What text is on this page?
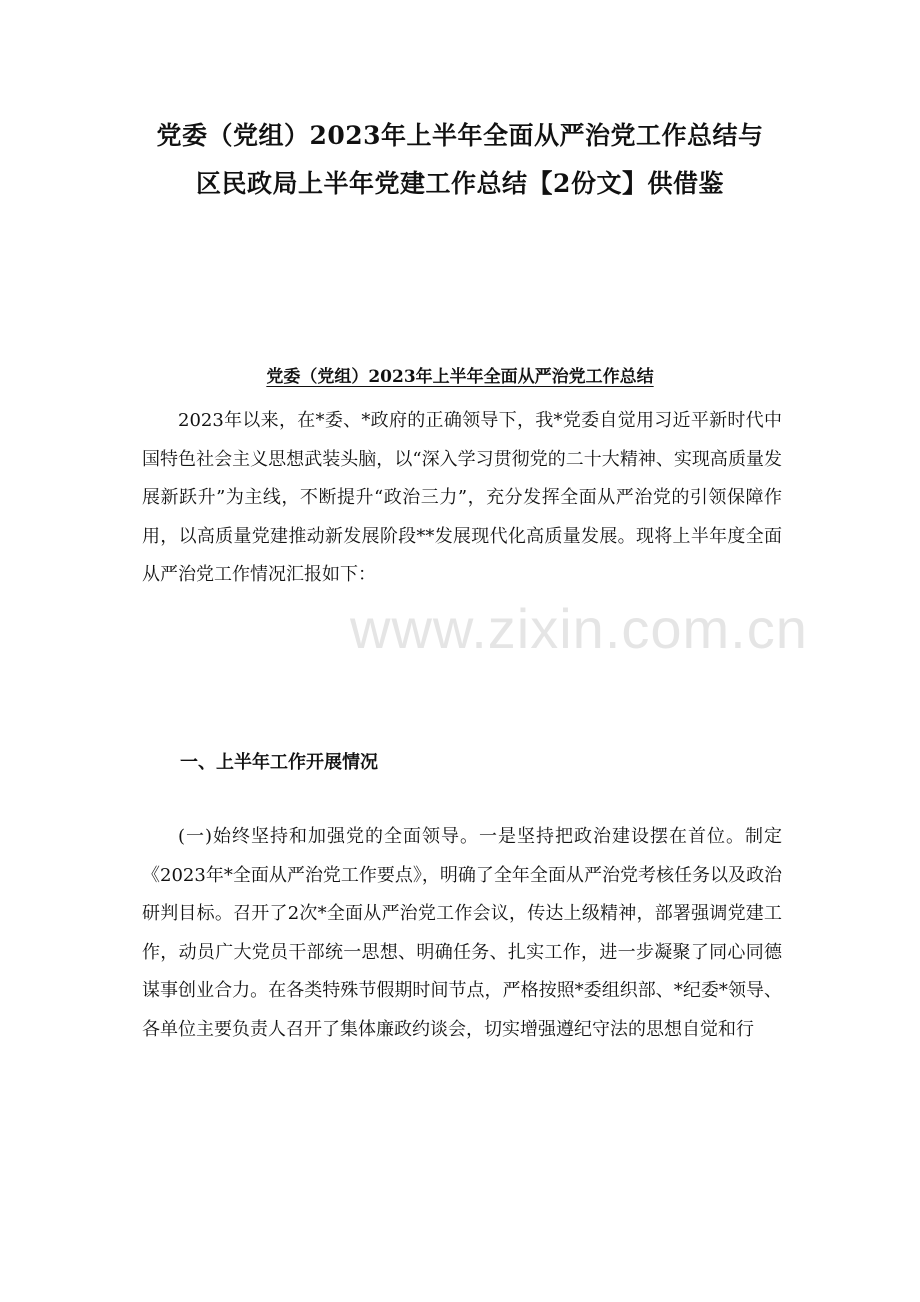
党委（党组）2023年上半年全面从严治党工作总结与
区民政局上半年党建工作总结【2份文】供借鉴
党委（党组）2023年上半年全面从严治党工作总结
2023年以来，在*委、*政府的正确领导下，我*党委自觉用习近平新时代中国特色社会主义思想武装头脑，以“深入学习贯彻党的二十大精神、实现高质量发展新跃升”为主线，不断提升“政治三力”，充分发挥全面从严治党的引领保障作用，以高质量党建推动新发展阶段**发展现代化高质量发展。现将上半年度全面从严治党工作情况汇报如下：
www.zixin.com.cn
一、上半年工作开展情况
(一)始终坚持和加强党的全面领导。一是坚持把政治建设摆在首位。制定《2023年*全面从严治党工作要点》，明确了全年全面从严治党考核任务以及政治研判目标。召开了2次*全面从严治党工作会议，传达上级精神，部署强调党建工作，动员广大党员干部统一思想、明确任务、扎实工作，进一步凝聚了同心同德谋事创业合力。在各类特殊节假期时间节点，严格按照*委组织部、*纪委*领导、各单位主要负责人召开了集体廉政约谈会，切实增强遵纪守法的思想自觉和行
